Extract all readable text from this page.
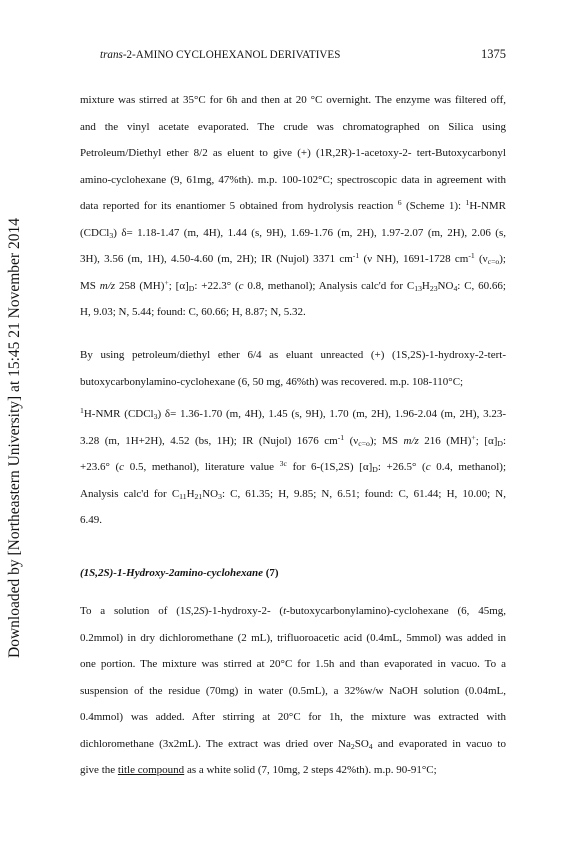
trans-2-AMINO CYCLOHEXANOL DERIVATIVES	1375
Downloaded by [Northeastern University] at 15:45 21 November 2014
mixture was stirred at 35°C for 6h and then at 20 °C overnight. The enzyme was filtered off,
and the vinyl acetate evaporated. The crude was chromatographed on Silica using
Petroleum/Diethyl ether 8/2 as eluent to give (+) (1R,2R)-1-acetoxy-2- tert-Butoxycarbonyl
amino-cyclohexane (9, 61mg, 47%th). m.p. 100-102°C; spectroscopic data in agreement with
data reported for its enantiomer 5 obtained from hydrolysis reaction $^6$ (Scheme 1): $^1$H-NMR
(CDCl$_3$) δ= 1.18-1.47 (m, 4H), 1.44 (s, 9H), 1.69-1.76 (m, 2H), 1.97-2.07 (m, 2H), 2.06 (s,
3H), 3.56 (m, 1H), 4.50-4.60 (m, 2H); IR (Nujol) 3371 $cm^{-1}$ (ν NH), 1691-1728 $cm^{-1}$ $(\nu_{c=o})$;
MS m/z 258 (MH)+; $[\alpha]_D$: +22.3° (c 0.8, methanol); Analysis calc'd for $C_{13}H_{23}NO_4$: C, 60.66;
H, 9.03; N, 5.44; found: C, 60.66; H, 8.87; N, 5.32.
By using petroleum/diethyl ether 6/4 as eluant unreacted (+) (1S,2S)-1-hydroxy-2-tert-
butoxycarbonylamino-cyclohexane (6, 50 mg, 46%th) was recovered. m.p. 108-110°C;
$^1$H-NMR (CDCl$_3$) δ= 1.36-1.70 (m, 4H), 1.45 (s, 9H), 1.70 (m, 2H), 1.96-2.04 (m, 2H), 3.23-
3.28 (m, 1H+2H), 4.52 (bs, 1H); IR (Nujol) 1676 $cm^{-1}$ $(\nu_{c=o})$; MS m/z 216 (MH)+; $[\alpha]_D$:
+23.6° (c 0.5, methanol), literature value $^{3c}$ for 6-(1S,2S) $[\alpha]_D$: +26.5° (c 0.4, methanol);
Analysis calc'd for $C_{11}H_{21}NO_3$: C, 61.35; H, 9.85; N, 6.51; found: C, 61.44; H, 10.00; N,
6.49.
(1S,2S)-1-Hydroxy-2amino-cyclohexane (7)
To a solution of (1S,2S)-1-hydroxy-2- (t-butoxycarbonylamino)-cyclohexane (6, 45mg,
0.2mmol) in dry dichloromethane (2 mL), trifluoroacetic acid (0.4mL, 5mmol) was added in
one portion. The mixture was stirred at 20°C for 1.5h and than evaporated in vacuo. To a
suspension of the residue (70mg) in water (0.5mL), a 32%w/w NaOH solution (0.04mL,
0.4mmol) was added. After stirring at 20°C for 1h, the mixture was extracted with
dichloromethane (3x2mL). The extract was dried over $Na_2SO_4$ and evaporated in vacuo to
give the title compound as a white solid (7, 10mg, 2 steps 42%th). m.p. 90-91°C;
